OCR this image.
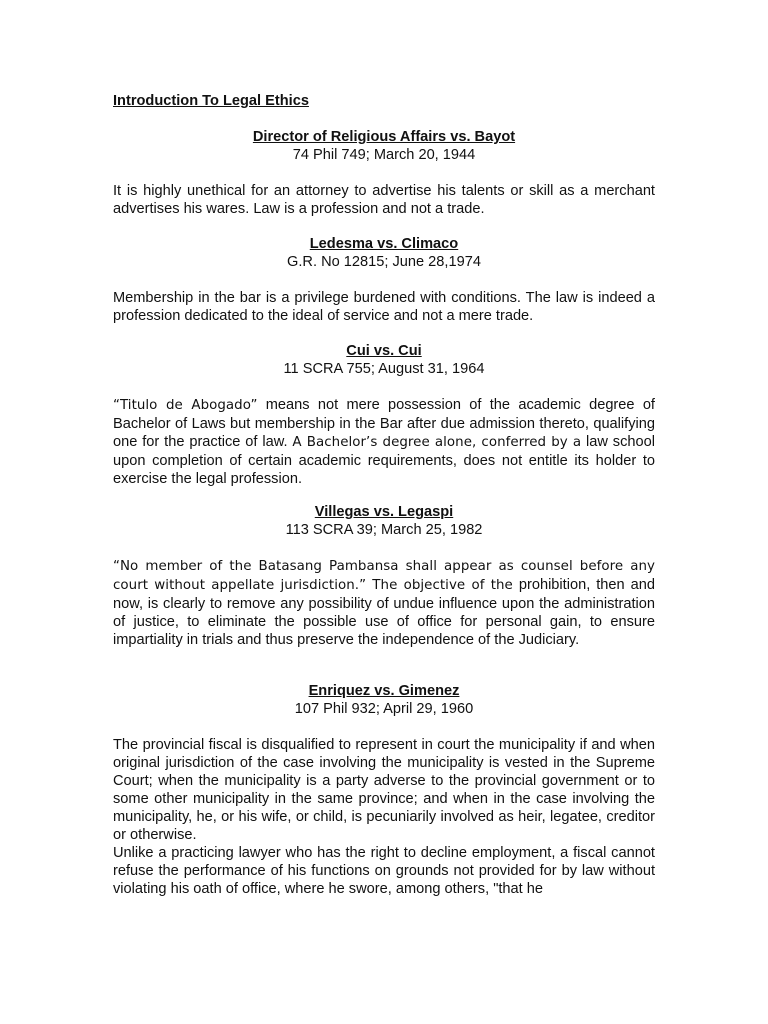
Introduction To Legal Ethics
Director of Religious Affairs vs. Bayot
74 Phil 749; March 20, 1944

It is highly unethical for an attorney to advertise his talents or skill as a merchant advertises his wares. Law is a profession and not a trade.

Ledesma vs. Climaco
G.R. No 12815; June 28,1974

Membership in the bar is a privilege burdened with conditions. The law is indeed a profession dedicated to the ideal of service and not a mere trade.

Cui vs. Cui
11 SCRA 755; August 31, 1964

“Titulo de Abogado” means not mere possession of the academic degree of Bachelor of Laws but membership in the Bar after due admission thereto, qualifying one for the practice of law. A Bachelor’s degree alone, conferred by a law school upon completion of certain academic requirements, does not entitle its holder to exercise the legal profession.

Villegas vs. Legaspi
113 SCRA 39; March 25, 1982

“No member of the Batasang Pambansa shall appear as counsel before any court without appellate jurisdiction.” The objective of the prohibition, then and now, is clearly to remove any possibility of undue influence upon the administration of justice, to eliminate the possible use of office for personal gain, to ensure impartiality in trials and thus preserve the independence of the Judiciary.

Enriquez vs. Gimenez
107 Phil 932; April 29, 1960

The provincial fiscal is disqualified to represent in court the municipality if and when original jurisdiction of the case involving the municipality is vested in the Supreme Court; when the municipality is a party adverse to the provincial government or to some other municipality in the same province; and when in the case involving the municipality, he, or his wife, or child, is pecuniarily involved as heir, legatee, creditor or otherwise.

Unlike a practicing lawyer who has the right to decline employment, a fiscal cannot refuse the performance of his functions on grounds not provided for by law without violating his oath of office, where he swore, among others, "that he
